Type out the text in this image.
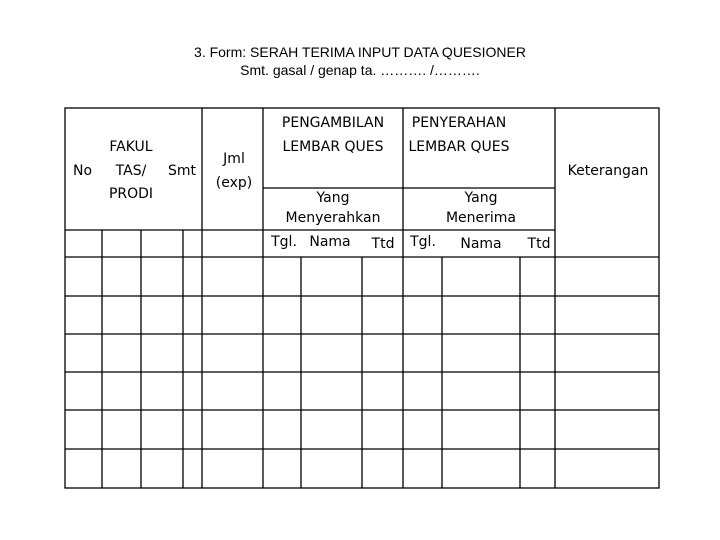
3. Form: SERAH TERIMA INPUT DATA QUESIONER
Smt. gasal / genap ta. ………. /……….
No
FAKUL
TAS/
PRODI
Smt
Jml
(exp)
PENGAMBILAN
LEMBAR QUES
PENYERAHAN
LEMBAR QUES
Yang
Menyerahkan
Yang
Menerima
Tgl. Nama Ttd Tgl. Nama Ttd
Keterangan
